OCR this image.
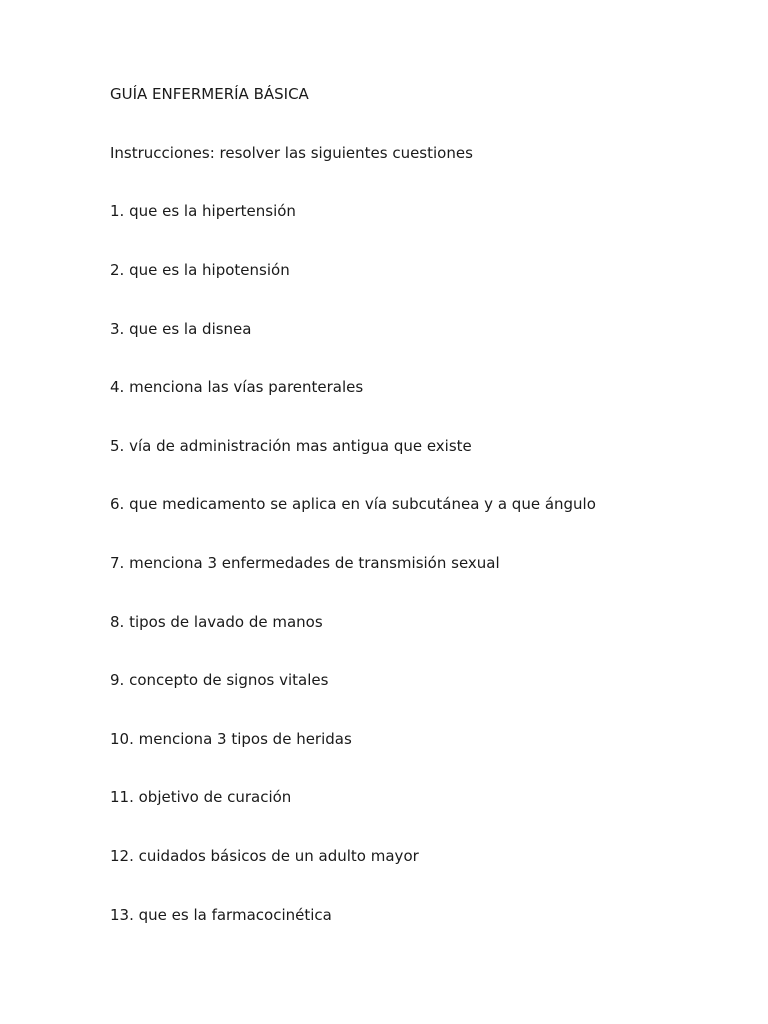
GUÍA ENFERMERÍA BÁSICA

Instrucciones: resolver las siguientes cuestiones

1. que es la hipertensión

2. que es la hipotensión

3. que es la disnea

4. menciona las vías parenterales

5. vía de administración mas antigua que existe

6. que medicamento se aplica en vía subcutánea y a que ángulo

7. menciona 3 enfermedades de transmisión sexual

8. tipos de lavado de manos

9. concepto de signos vitales

10. menciona 3 tipos de heridas

11. objetivo de curación

12. cuidados básicos de un adulto mayor

13. que es la farmacocinética
